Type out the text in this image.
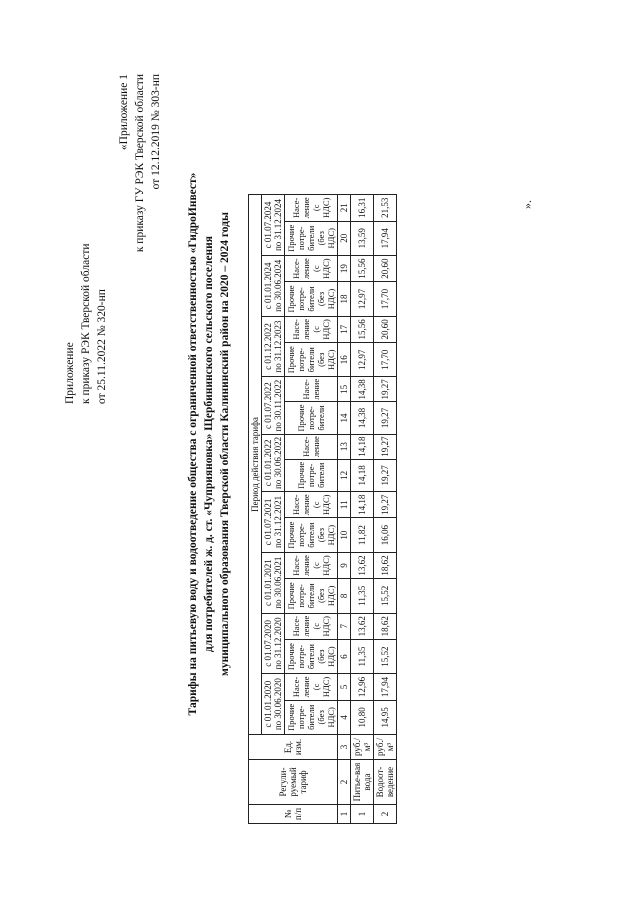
Приложение к приказу РЭК Тверской области от 25.11.2022 № 320-нп
«Приложение 1 к приказу ГУ РЭК Тверской области от 12.12.2019 № 303-нп
Тарифы на питьевую воду и водоотведение общества с ограниченной ответственностью «ГидроИнвест» для потребителей ж. д. ст. «Чуприяновка» Щербининского сельского поселения муниципального образования Тверской области Калининский район на 2020 – 2024 годы
№ п/п	Регули-руемый тариф	Ед. изм.	Период действия тарифа																	
			с 01.01.2020 по 30.06.2020		с 01.07.2020 по 31.12.2020		с 01.01.2021 по 30.06.2021		с 01.07.2021 по 31.12.2021		с 01.01.2022 по 30.06.2022		с 01.07.2022 по 30.11.2022		с 01.12.2022 по 31.12.2023		с 01.01.2024 по 30.06.2024		с 01.07.2024 по 31.12.2024	
			Прочие потре-бители (без НДС)	Насе-ление (с НДС)	Прочие потре-бители (без НДС)	Насе-ление (с НДС)	Прочие потре-бители (без НДС)	Насе-ление (с НДС)	Прочие потре-бители (без НДС)	Насе-ление (с НДС)	Прочие потре-бители	Насе-ление	Прочие потре-бители	Насе-ление	Прочие потре-бители (без НДС)	Насе-ление (с НДС)	Прочие потре-бители (без НДС)	Насе-ление (с НДС)	Прочие потре-бители (без НДС)	Насе-ление (с НДС)
1	2	3	4	5	6	7	8	9	10	11	12	13	14	15	16	17	18	19	20	21
1	Питье-вая вода	руб./м³	10,80	12,96	11,35	13,62	11,35	13,62	11,82	14,18	14,18	14,18	14,38	14,38	12,97	15,56	12,97	15,56	13,59	16,31
2	Водоот-ведение	руб./м³	14,95	17,94	15,52	18,62	15,52	18,62	16,06	19,27	19,27	19,27	19,27	19,27	17,70	20,60	17,70	20,60	17,94	21,53	».
